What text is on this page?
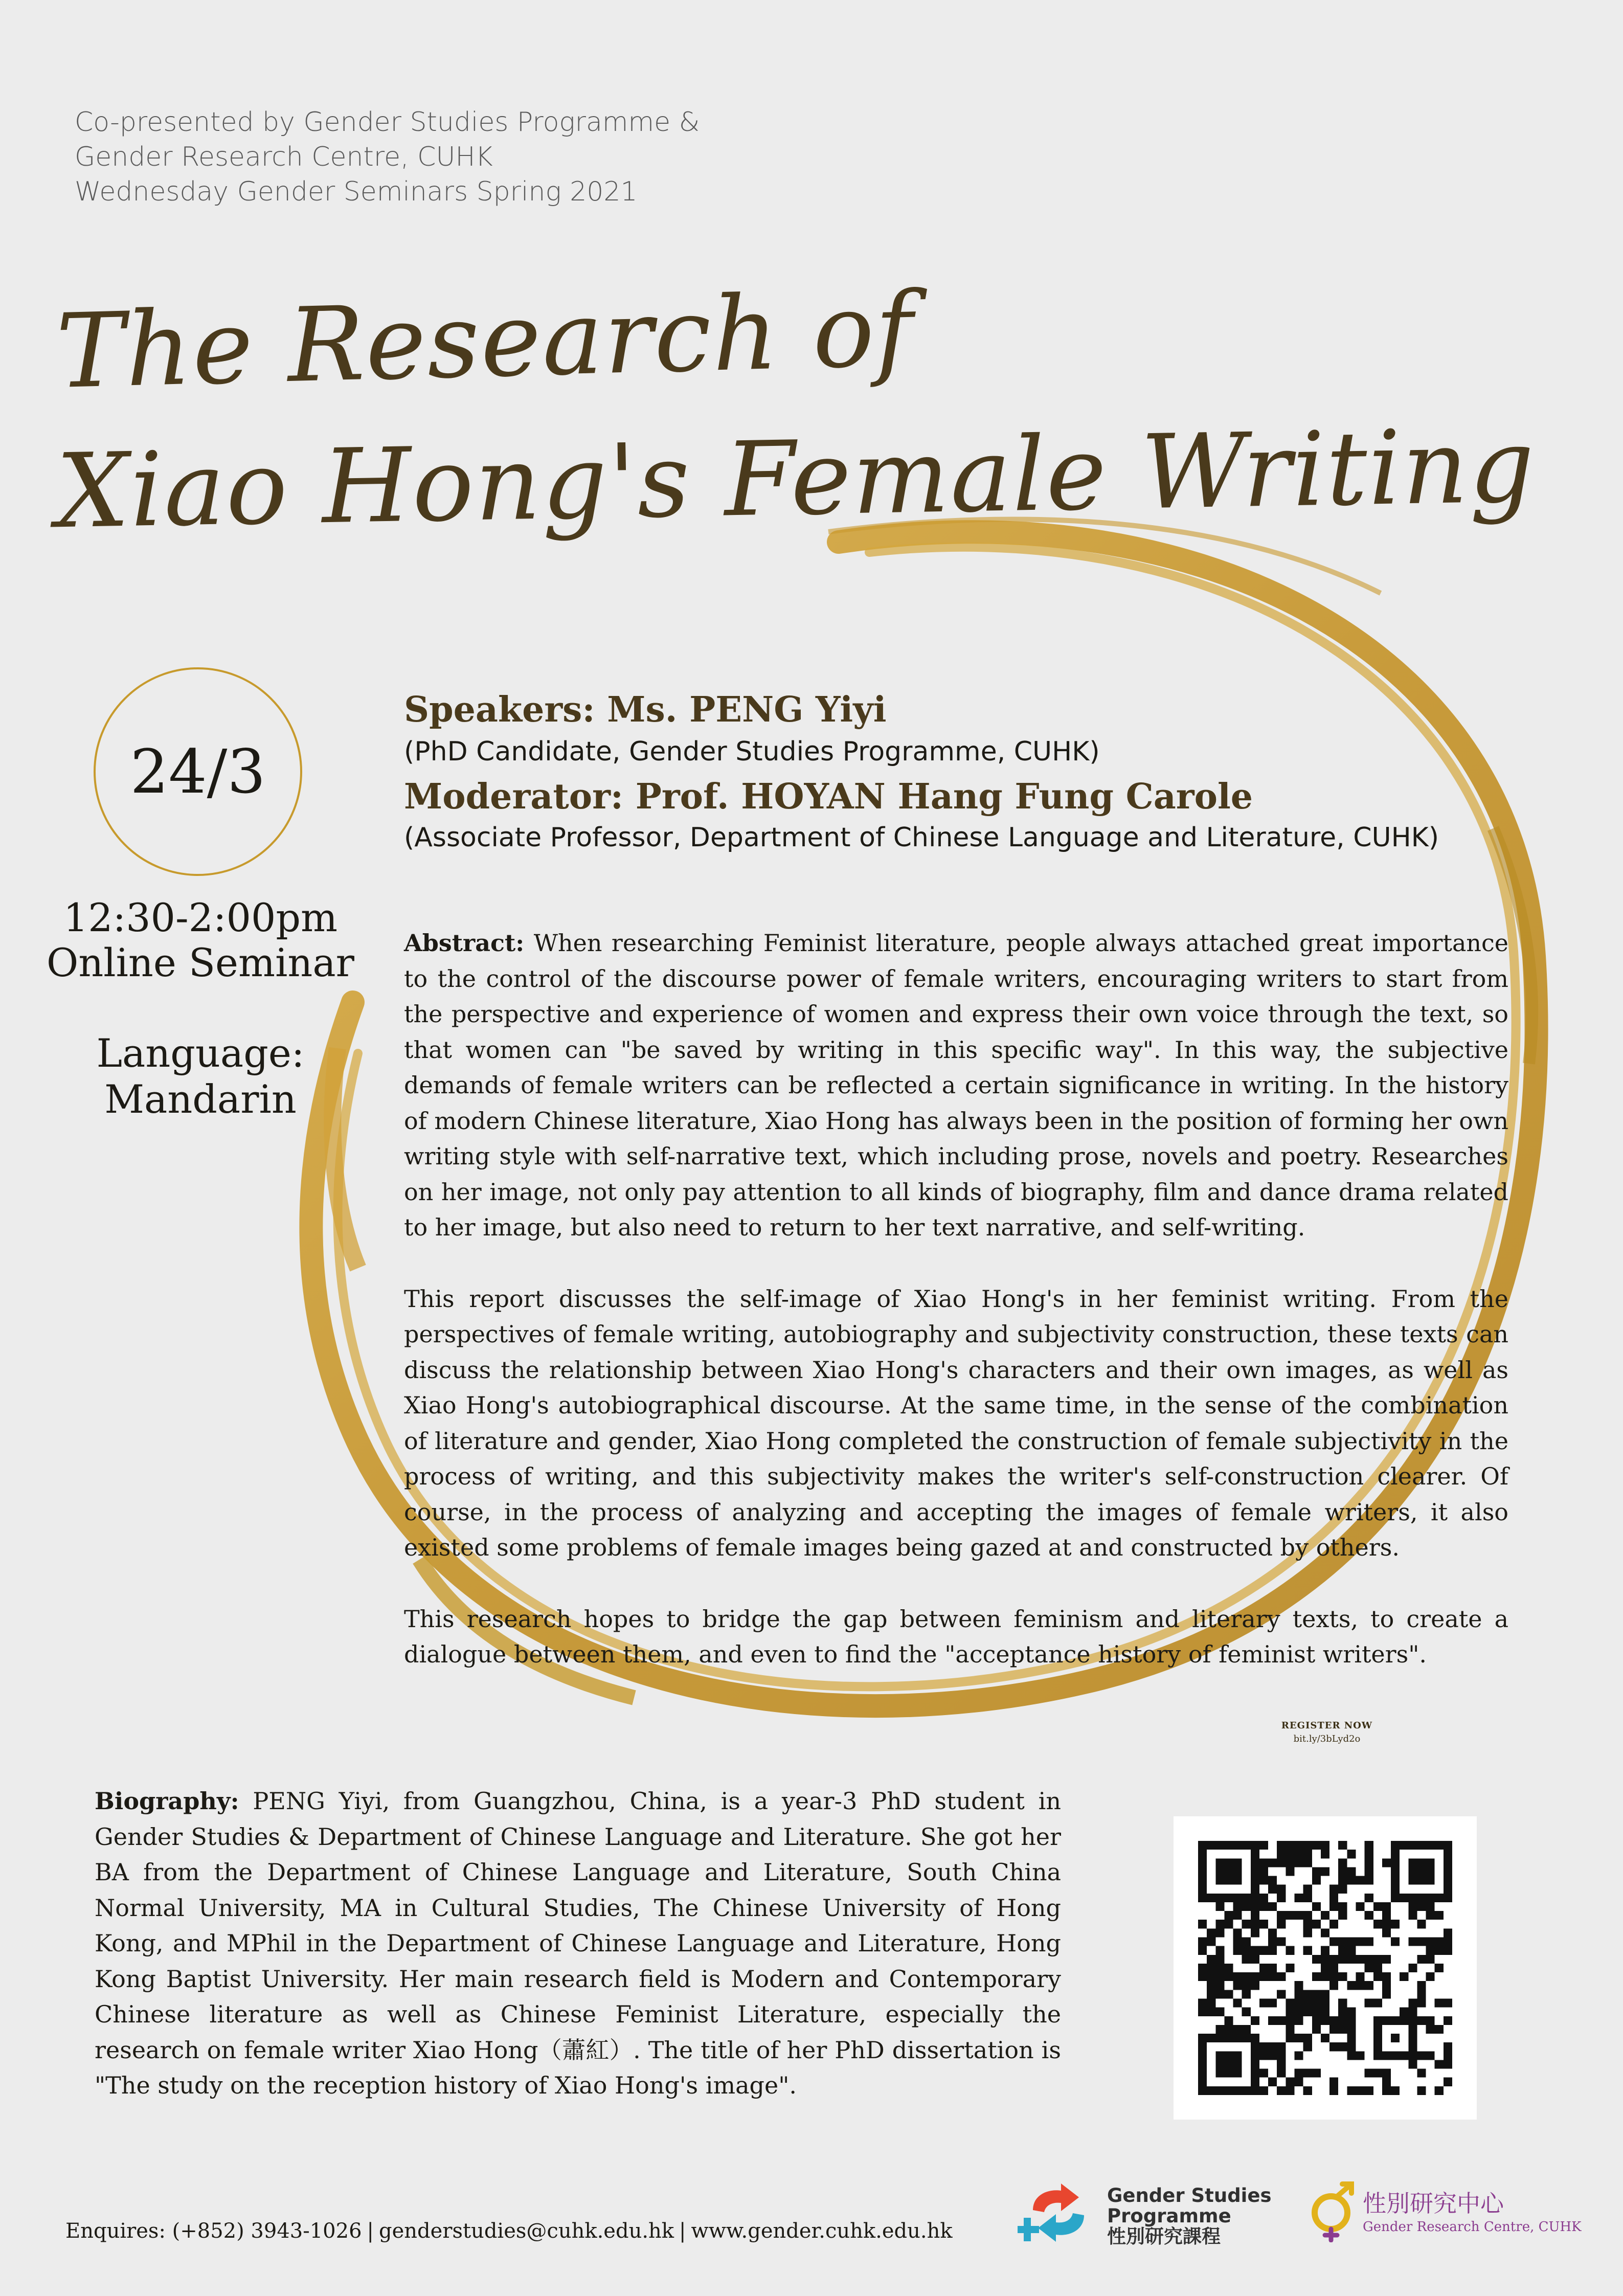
Co-presented by Gender Studies Programme &
Gender Research Centre, CUHK
Wednesday Gender Seminars Spring 2021
The Research of
Xiao Hong's Female Writing
24/3
12:30-2:00pm
Online Seminar
Language:
Mandarin
Speakers: Ms. PENG Yiyi
(PhD Candidate, Gender Studies Programme, CUHK)
Moderator: Prof. HOYAN Hang Fung Carole
(Associate Professor, Department of Chinese Language and Literature, CUHK)

Abstract: When researching Feminist literature, people always attached great importance to the control of the discourse power of female writers, encouraging writers to start from the perspective and experience of women and express their own voice through the text, so that women can "be saved by writing in this specific way". In this way, the subjective demands of female writers can be reflected a certain significance in writing. In the history of modern Chinese literature, Xiao Hong has always been in the position of forming her own writing style with self-narrative text, which including prose, novels and poetry. Researches on her image, not only pay attention to all kinds of biography, film and dance drama related to her image, but also need to return to her text narrative, and self-writing.

This report discusses the self-image of Xiao Hong's in her feminist writing. From the perspectives of female writing, autobiography and subjectivity construction, these texts can discuss the relationship between Xiao Hong's characters and their own images, as well as Xiao Hong's autobiographical discourse. At the same time, in the sense of the combination of literature and gender, Xiao Hong completed the construction of female subjectivity in the process of writing, and this subjectivity makes the writer's self-construction clearer. Of course, in the process of analyzing and accepting the images of female writers, it also existed some problems of female images being gazed at and constructed by others.

This research hopes to bridge the gap between feminism and literary texts, to create a dialogue between them, and even to find the "acceptance history of feminist writers".

REGISTER NOW
bit.ly/3bLyd2o
Biography: PENG Yiyi, from Guangzhou, China, is a year-3 PhD student in Gender Studies & Department of Chinese Language and Literature. She got her BA from the Department of Chinese Language and Literature, South China Normal University, MA in Cultural Studies, The Chinese University of Hong Kong, and MPhil in the Department of Chinese Language and Literature, Hong Kong Baptist University. Her main research field is Modern and Contemporary Chinese literature as well as Chinese Feminist Literature, especially the research on female writer Xiao Hong（蕭紅）. The title of her PhD dissertation is "The study on the reception history of Xiao Hong's image".
Enquires: (+852) 3943-1026 | genderstudies@cuhk.edu.hk | www.gender.cuhk.edu.hk
Gender Studies
Programme
性別研究課程
性別研究中心
Gender Research Centre, CUHK
